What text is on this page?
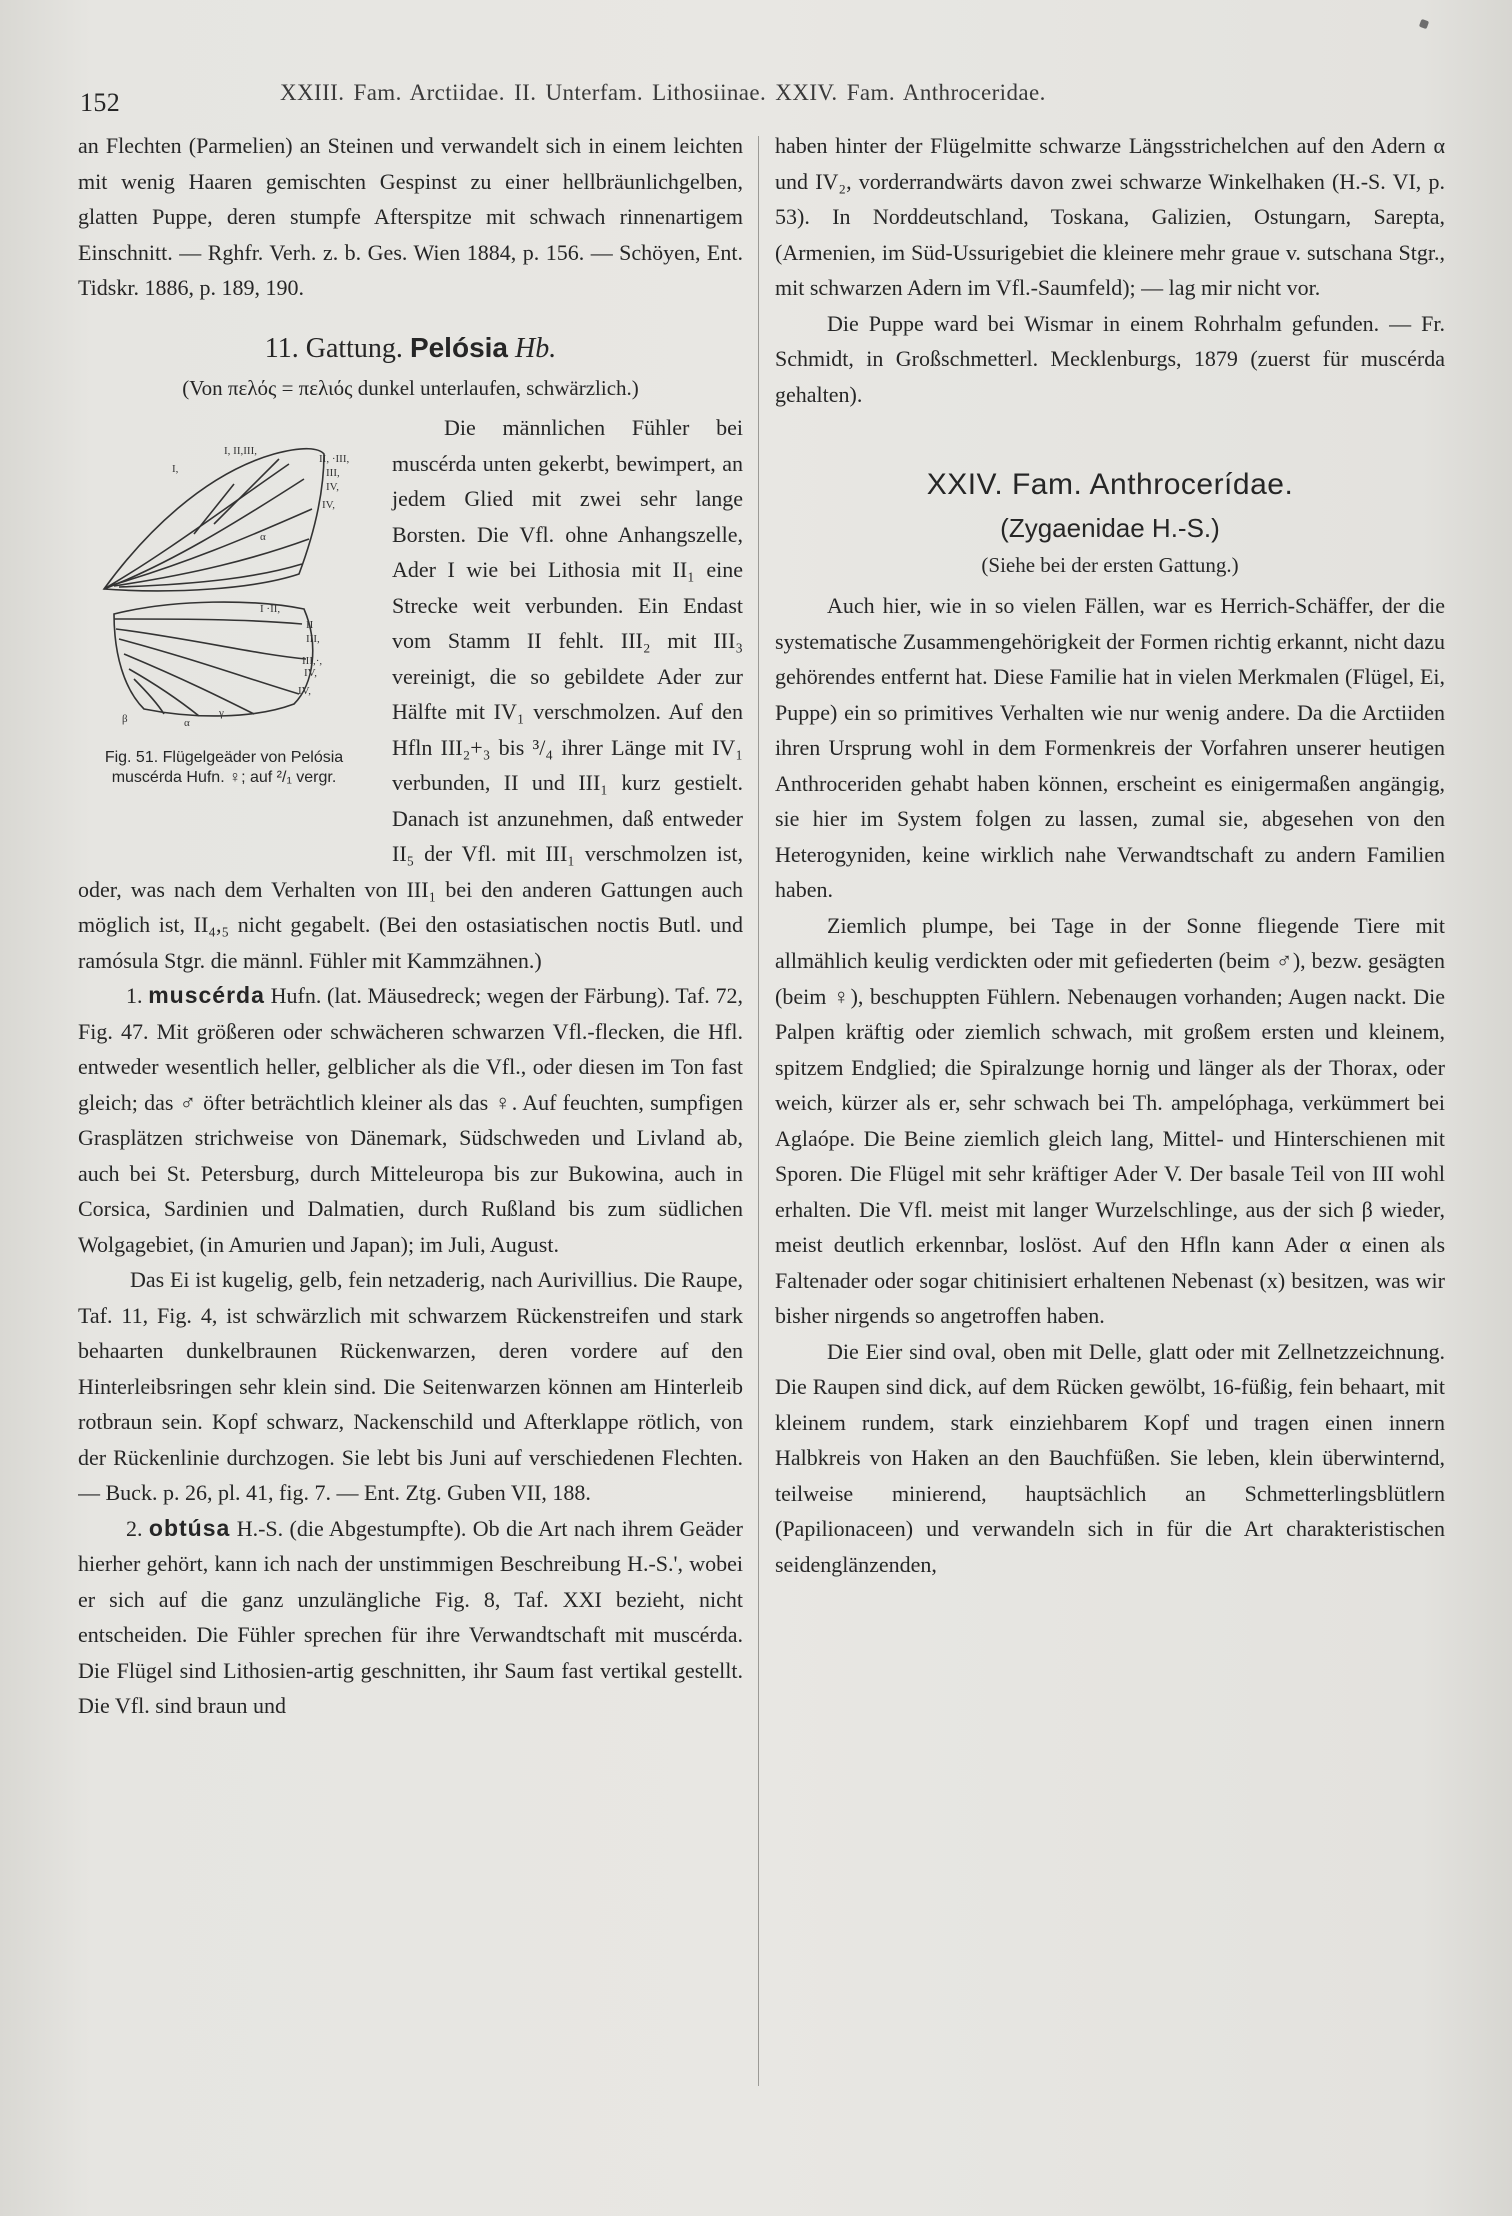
152	XXIII. Fam. Arctiidae. II. Unterfam. Lithosiinae. XXIV. Fam. Anthroceridae.

an Flechten (Parmelien) an Steinen und verwandelt sich in einem leichten mit wenig Haaren gemischten Gespinst zu einer hellbräunlichgelben, glatten Puppe, deren stumpfe Afterspitze mit schwach rinnenartigem Einschnitt. — Rghfr. Verh. z. b. Ges. Wien 1884, p. 156. — Schöyen, Ent. Tidskr. 1886, p. 189, 190.

11. Gattung. Pelósia Hb.

(Von πελός = πελιός dunkel unterlaufen, schwärzlich.)

I,
I, II,III,
II, ·III,
III,
IV,
IV,
α
I ·II,
II
III,
III,·,
IV,
IV,
β	α
γ
Fig. 51. Flügelgeäder von Pelósia muscérda Hufn. ♀; auf ²/₁ vergr.

Die männlichen Fühler bei muscérda unten gekerbt, bewimpert, an jedem Glied mit zwei sehr lange Borsten. Die Vfl. ohne Anhangszelle, Ader I wie bei Lithosia mit II₁ eine Strecke weit verbunden. Ein Endast vom Stamm II fehlt. III₂ mit III₃ vereinigt, die so gebildete Ader zur Hälfte mit IV₁ verschmolzen. Auf den Hfln III₂+₃ bis ³/₄ ihrer Länge mit IV₁ verbunden, II und III₁ kurz gestielt. Danach ist anzunehmen, daß entweder II₅ der Vfl. mit III₁ verschmolzen ist, oder, was nach dem Verhalten von III₁ bei den anderen Gattungen auch möglich ist, II₄,₅ nicht gegabelt. (Bei den ostasiatischen noctis Butl. und ramósula Stgr. die männl. Fühler mit Kammzähnen.)

1. muscérda Hufn. (lat. Mäusedreck; wegen der Färbung). Taf. 72, Fig. 47. Mit größeren oder schwächeren schwarzen Vfl.-flecken, die Hfl. entweder wesentlich heller, gelblicher als die Vfl., oder diesen im Ton fast gleich; das ♂ öfter beträchtlich kleiner als das ♀. Auf feuchten, sumpfigen Grasplätzen strichweise von Dänemark, Südschweden und Livland ab, auch bei St. Petersburg, durch Mitteleuropa bis zur Bukowina, auch in Corsica, Sardinien und Dalmatien, durch Rußland bis zum südlichen Wolgagebiet, (in Amurien und Japan); im Juli, August.

Das Ei ist kugelig, gelb, fein netzaderig, nach Aurivillius. Die Raupe, Taf. 11, Fig. 4, ist schwärzlich mit schwarzem Rückenstreifen und stark behaarten dunkelbraunen Rückenwarzen, deren vordere auf den Hinterleibsringen sehr klein sind. Die Seitenwarzen können am Hinterleib rotbraun sein. Kopf schwarz, Nackenschild und Afterklappe rötlich, von der Rückenlinie durchzogen. Sie lebt bis Juni auf verschiedenen Flechten. — Buck. p. 26, pl. 41, fig. 7. — Ent. Ztg. Guben VII, 188.

2. obtúsa H.-S. (die Abgestumpfte). Ob die Art nach ihrem Geäder hierher gehört, kann ich nach der unstimmigen Beschreibung H.-S.', wobei er sich auf die ganz unzulängliche Fig. 8, Taf. XXI bezieht, nicht entscheiden. Die Fühler sprechen für ihre Verwandtschaft mit muscérda. Die Flügel sind Lithosien-artig geschnitten, ihr Saum fast vertikal gestellt. Die Vfl. sind braun und

haben hinter der Flügelmitte schwarze Längsstrichelchen auf den Adern α und IV₂, vorderrandwärts davon zwei schwarze Winkelhaken (H.-S. VI, p. 53). In Norddeutschland, Toskana, Galizien, Ostungarn, Sarepta, (Armenien, im Süd-Ussurigebiet die kleinere mehr graue v. sutschana Stgr., mit schwarzen Adern im Vfl.-Saumfeld); — lag mir nicht vor.

Die Puppe ward bei Wismar in einem Rohrhalm gefunden. — Fr. Schmidt, in Großschmetterl. Mecklenburgs, 1879 (zuerst für muscérda gehalten).

XXIV. Fam. Anthrocerídae.
(Zygaenidae H.-S.)
(Siehe bei der ersten Gattung.)

Auch hier, wie in so vielen Fällen, war es Herrich-Schäffer, der die systematische Zusammengehörigkeit der Formen richtig erkannt, nicht dazu gehörendes entfernt hat. Diese Familie hat in vielen Merkmalen (Flügel, Ei, Puppe) ein so primitives Verhalten wie nur wenig andere. Da die Arctiiden ihren Ursprung wohl in dem Formenkreis der Vorfahren unserer heutigen Anthroceriden gehabt haben können, erscheint es einigermaßen angängig, sie hier im System folgen zu lassen, zumal sie, abgesehen von den Heterogyniden, keine wirklich nahe Verwandtschaft zu andern Familien haben.

Ziemlich plumpe, bei Tage in der Sonne fliegende Tiere mit allmählich keulig verdickten oder mit gefiederten (beim ♂), bezw. gesägten (beim ♀), beschuppten Fühlern. Nebenaugen vorhanden; Augen nackt. Die Palpen kräftig oder ziemlich schwach, mit großem ersten und kleinem, spitzem Endglied; die Spiralzunge hornig und länger als der Thorax, oder weich, kürzer als er, sehr schwach bei Th. ampelóphaga, verkümmert bei Aglaópe. Die Beine ziemlich gleich lang, Mittel- und Hinterschienen mit Sporen. Die Flügel mit sehr kräftiger Ader V. Der basale Teil von III wohl erhalten. Die Vfl. meist mit langer Wurzelschlinge, aus der sich β wieder, meist deutlich erkennbar, loslöst. Auf den Hfln kann Ader α einen als Faltenader oder sogar chitinisiert erhaltenen Nebenast (x) besitzen, was wir bisher nirgends so angetroffen haben.

Die Eier sind oval, oben mit Delle, glatt oder mit Zellnetzzeichnung. Die Raupen sind dick, auf dem Rücken gewölbt, 16-füßig, fein behaart, mit kleinem rundem, stark einziehbarem Kopf und tragen einen innern Halbkreis von Haken an den Bauchfüßen. Sie leben, klein überwinternd, teilweise minierend, hauptsächlich an Schmetterlingsblütlern (Papilionaceen) und verwandeln sich in für die Art charakteristischen seidenglänzenden,
